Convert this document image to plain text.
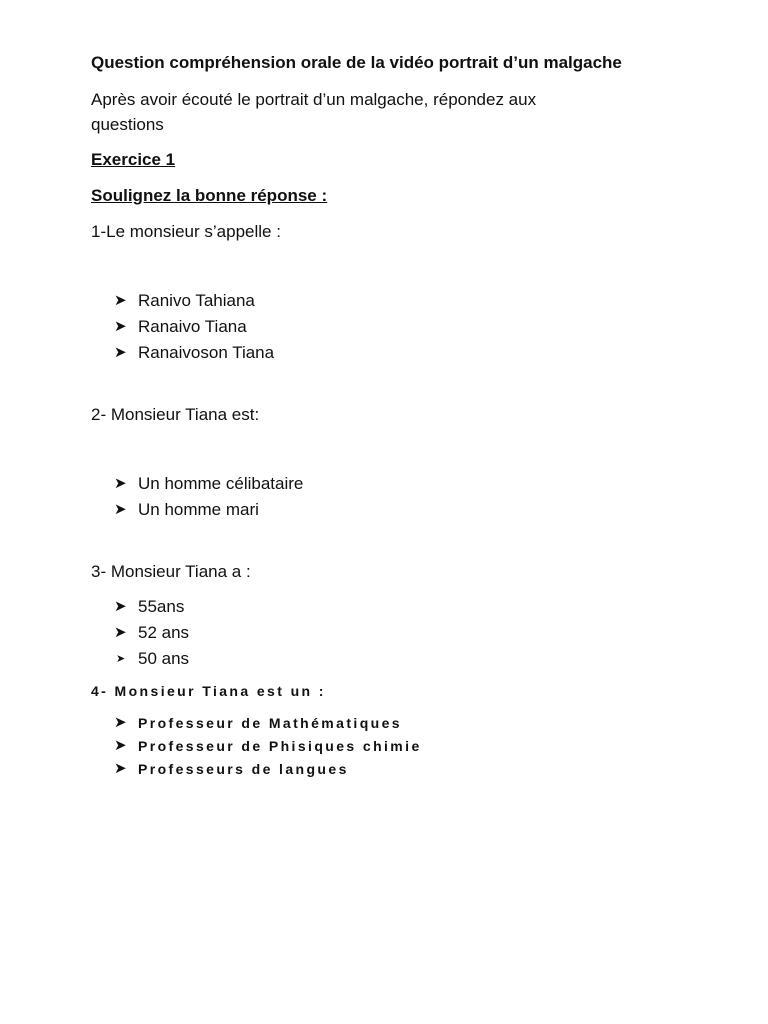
Question compréhension orale de la vidéo portrait d’un malgache
Après avoir écouté le portrait d’un malgache, répondez aux
questions
Exercice 1
Soulignez la bonne réponse :
1-Le monsieur s’appelle :
➤ Ranivo Tahiana
➤ Ranaivo Tiana
➤ Ranaivoson Tiana
2- Monsieur Tiana est:
➤ Un homme célibataire
➤ Un homme mari
3- Monsieur Tiana a :
➤ 55ans
➤ 52 ans
➤ 50 ans
4- Monsieur Tiana est un :
➤ Professeur de Mathématiques
➤ Professeur de Phisiques chimie
➤ Professeurs de langues
